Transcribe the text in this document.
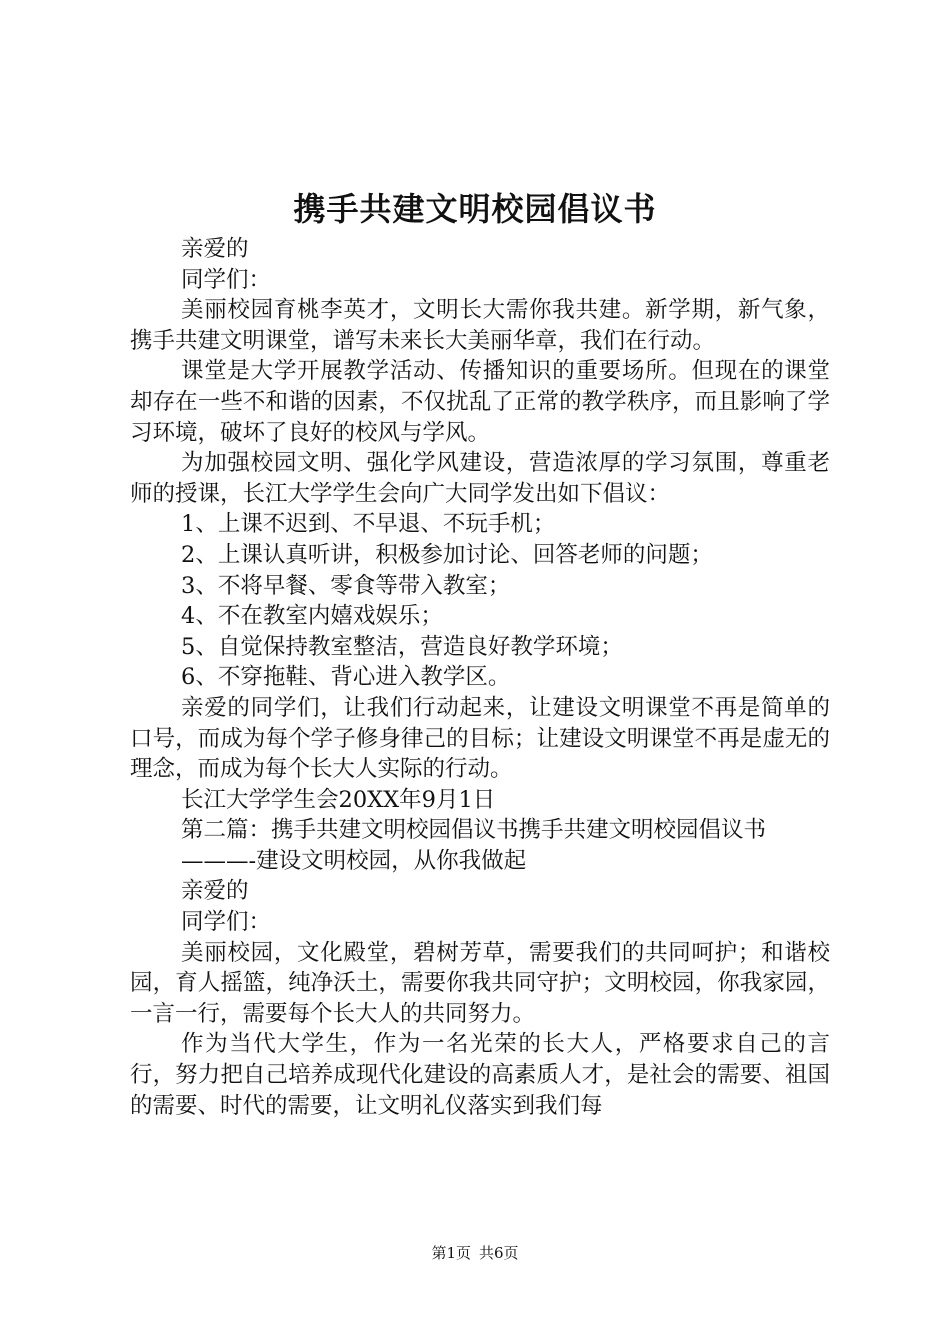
携手共建文明校园倡议书

亲爱的

同学们：

美丽校园育桃李英才，文明长大需你我共建。新学期，新气象，携手共建文明课堂，谱写未来长大美丽华章，我们在行动。

课堂是大学开展教学活动、传播知识的重要场所。但现在的课堂却存在一些不和谐的因素，不仅扰乱了正常的教学秩序，而且影响了学习环境，破坏了良好的校风与学风。

为加强校园文明、强化学风建设，营造浓厚的学习氛围，尊重老师的授课，长江大学学生会向广大同学发出如下倡议：

1、上课不迟到、不早退、不玩手机；

2、上课认真听讲，积极参加讨论、回答老师的问题；

3、不将早餐、零食等带入教室；

4、不在教室内嬉戏娱乐；

5、自觉保持教室整洁，营造良好教学环境；

6、不穿拖鞋、背心进入教学区。

亲爱的同学们，让我们行动起来，让建设文明课堂不再是简单的口号，而成为每个学子修身律己的目标；让建设文明课堂不再是虚无的理念，而成为每个长大人实际的行动。

长江大学学生会20XX年9月1日

第二篇：携手共建文明校园倡议书携手共建文明校园倡议书

———-建设文明校园，从你我做起

亲爱的

同学们：

美丽校园，文化殿堂，碧树芳草，需要我们的共同呵护；和谐校园，育人摇篮，纯净沃土，需要你我共同守护；文明校园，你我家园，一言一行，需要每个长大人的共同努力。

作为当代大学生，作为一名光荣的长大人，严格要求自己的言行，努力把自己培养成现代化建设的高素质人才，是社会的需要、祖国的需要、时代的需要，让文明礼仪落实到我们每

第1页 共6页
